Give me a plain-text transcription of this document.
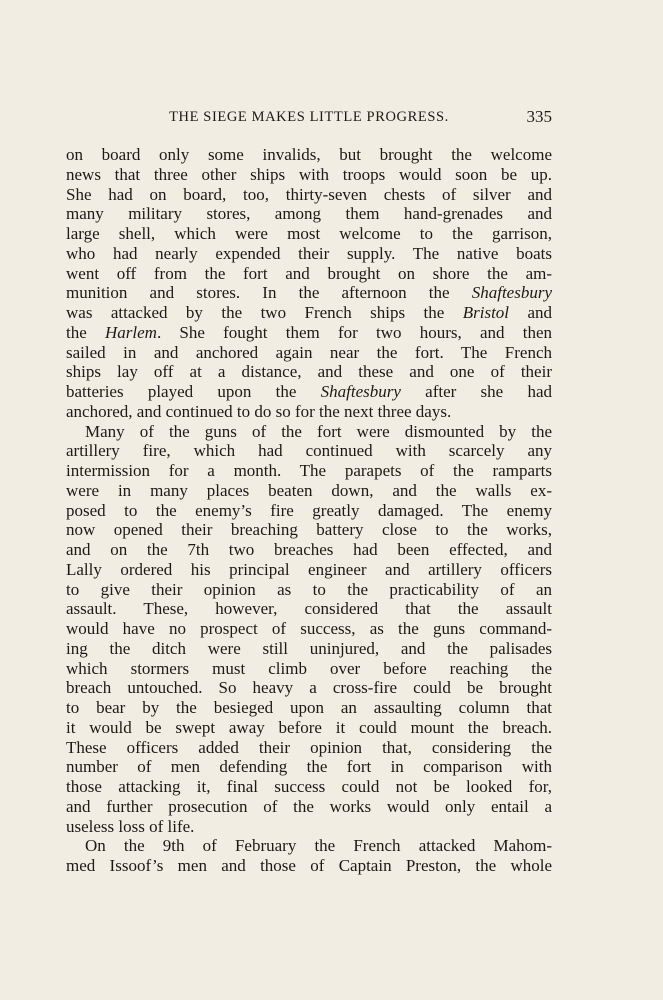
THE SIEGE MAKES LITTLE PROGRESS.	335
on board only some invalids, but brought the welcome
news that three other ships with troops would soon be up.
She had on board, too, thirty-seven chests of silver and
many military stores, among them hand-grenades and
large shell, which were most welcome to the garrison,
who had nearly expended their supply. The native boats
went off from the fort and brought on shore the am-
munition and stores. In the afternoon the Shaftesbury
was attacked by the two French ships the Bristol and
the Harlem. She fought them for two hours, and then
sailed in and anchored again near the fort. The French
ships lay off at a distance, and these and one of their
batteries played upon the Shaftesbury after she had
anchored, and continued to do so for the next three days.
Many of the guns of the fort were dismounted by the
artillery fire, which had continued with scarcely any
intermission for a month. The parapets of the ramparts
were in many places beaten down, and the walls ex-
posed to the enemy’s fire greatly damaged. The enemy
now opened their breaching battery close to the works,
and on the 7th two breaches had been effected, and
Lally ordered his principal engineer and artillery officers
to give their opinion as to the practicability of an
assault. These, however, considered that the assault
would have no prospect of success, as the guns command-
ing the ditch were still uninjured, and the palisades
which stormers must climb over before reaching the
breach untouched. So heavy a cross-fire could be brought
to bear by the besieged upon an assaulting column that
it would be swept away before it could mount the breach.
These officers added their opinion that, considering the
number of men defending the fort in comparison with
those attacking it, final success could not be looked for,
and further prosecution of the works would only entail a
useless loss of life.
On the 9th of February the French attacked Mahom-
med Issoof’s men and those of Captain Preston, the whole
